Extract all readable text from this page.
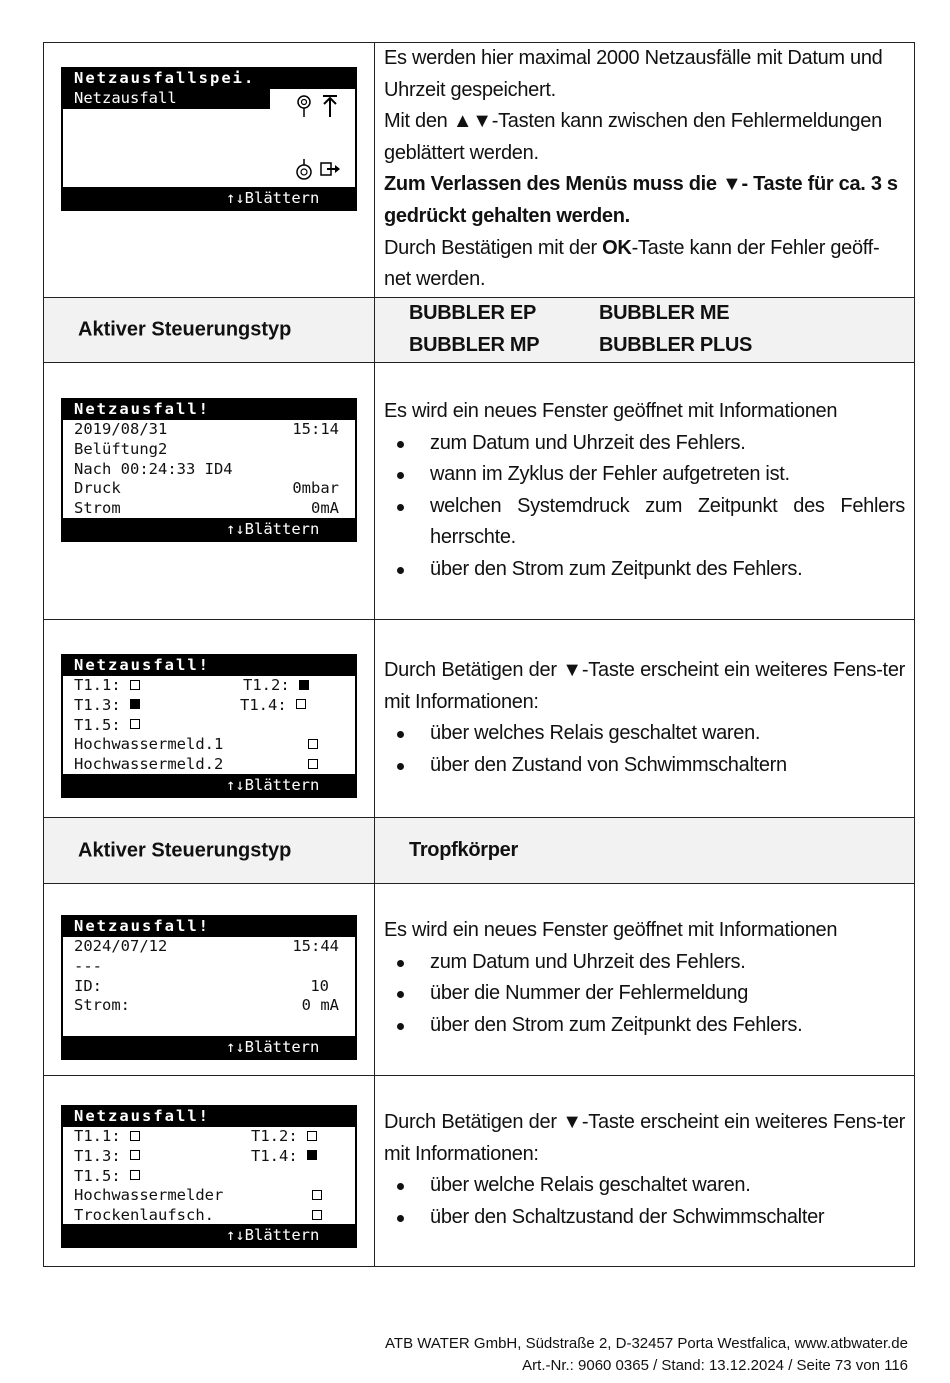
Netzausfallspei.
Netzausfall

↵ Auswahl

↑↓Blättern

Es werden hier maximal 2000 Netzausfälle mit Datum und Uhrzeit gespeichert.

Mit den ▲▼-Tasten kann zwischen den Fehlermeldungen geblättert werden.

Zum Verlassen des Menüs muss die ▼- Taste für ca. 3 s gedrückt gehalten werden.

Durch Bestätigen mit der OK-Taste kann der Fehler geöff-net werden.

Aktiver Steuerungstyp
BUBBLER EP	BUBBLER ME
BUBBLER MP	BUBBLER PLUS
Netzausfall!
2019/08/31	15:14
Belüftung2
Nach 00:24:33 ID4
Druck	0mbar
Strom	0mA

↵ Auswahl

↑↓Blättern

Es wird ein neues Fenster geöffnet mit Informationen

zum Datum und Uhrzeit des Fehlers.
wann im Zyklus der Fehler aufgetreten ist.
welchen Systemdruck zum Zeitpunkt des Fehlers herrschte.
über den Strom zum Zeitpunkt des Fehlers.
Netzausfall!
T1.1:	T1.2:
T1.3:	T1.4:
T1.5:
Hochwassermeld.1
Hochwassermeld.2

↵ Auswahl

↑↓Blättern

Durch Betätigen der ▼-Taste erscheint ein weiteres Fens-ter mit Informationen:

über welches Relais geschaltet waren.
über den Zustand von Schwimmschaltern
Aktiver Steuerungstyp	Tropfkörper
Netzausfall!
2024/07/12	15:44
---
ID:	10
Strom:	0 mA

↵ Beenden

↑↓Blättern

Es wird ein neues Fenster geöffnet mit Informationen

zum Datum und Uhrzeit des Fehlers.
über die Nummer der Fehlermeldung
über den Strom zum Zeitpunkt des Fehlers.
Netzausfall!
T1.1:	T1.2:
T1.3:	T1.4:
T1.5:
Hochwassermelder
Trockenlaufsch.

↵ Beenden

↑↓Blättern

Durch Betätigen der ▼-Taste erscheint ein weiteres Fens-ter mit Informationen:

über welche Relais geschaltet waren.
über den Schaltzustand der Schwimmschalter
ATB WATER GmbH, Südstraße 2, D-32457 Porta Westfalica, www.atbwater.de
Art.-Nr.: 9060 0365 / Stand: 13.12.2024 / Seite 73 von 116
